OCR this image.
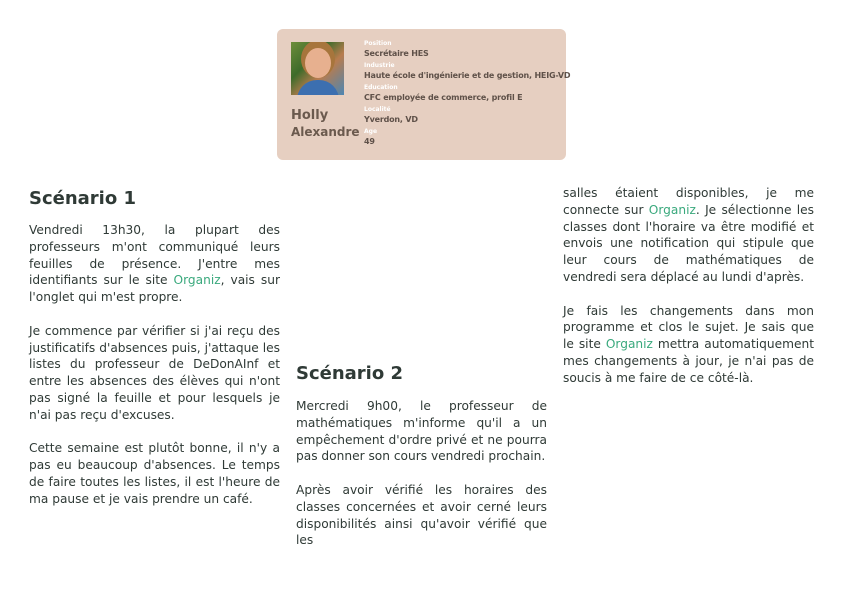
Holly
Alexandre
Position
Secrétaire HES
Industrie
Haute école d'ingénierie et de gestion, HEIG-VD
Education
CFC employée de commerce, profil E
Localité
Yverdon, VD
Age
49
Scénario 1

Vendredi 13h30, la plupart des professeurs m'ont communiqué leurs feuilles de présence. J'entre mes identifiants sur le site Organiz, vais sur l'onglet qui m'est propre.

Je commence par vérifier si j'ai reçu des justificatifs d'absences puis, j'attaque les listes du professeur de DeDonAInf et entre les absences des élèves qui n'ont pas signé la feuille et pour lesquels je n'ai pas reçu d'excuses.

Cette semaine est plutôt bonne, il n'y a pas eu beaucoup d'absences. Le temps de faire toutes les listes, il est l'heure de ma pause et je vais prendre un café.

Scénario 2

Mercredi 9h00, le professeur de mathématiques m'informe qu'il a un empêchement d'ordre privé et ne pourra pas donner son cours vendredi prochain.

Après avoir vérifié les horaires des classes concernées et avoir cerné leurs disponibilités ainsi qu'avoir vérifié que les

salles étaient disponibles, je me connecte sur Organiz. Je sélectionne les classes dont l'horaire va être modifié et envois une notification qui stipule que leur cours de mathématiques de vendredi sera déplacé au lundi d'après.

Je fais les changements dans mon programme et clos le sujet. Je sais que le site Organiz mettra automatiquement mes changements à jour, je n'ai pas de soucis à me faire de ce côté-là.
